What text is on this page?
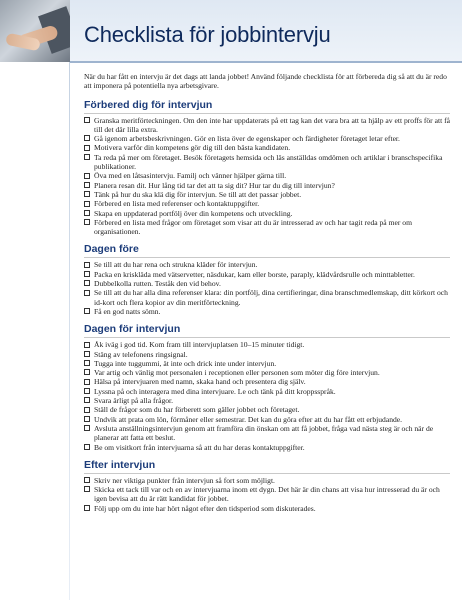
Checklista för jobbintervju

När du har fått en intervju är det dags att landa jobbet! Använd följande checklista för att förbereda dig så att du är redo att imponera på potentiella nya arbetsgivare.

Förbered dig för intervjun
Granska meritförteckningen. Om den inte har uppdaterats på ett tag kan det vara bra att ta hjälp av ett proffs för att få till det där lilla extra.
Gå igenom arbetsbeskrivningen. Gör en lista över de egenskaper och färdigheter företaget letar efter.
Motivera varför din kompetens gör dig till den bästa kandidaten.
Ta reda på mer om företaget. Besök företagets hemsida och läs anställdas omdömen och artiklar i branschspecifika publikationer.
Öva med en låtsasintervju. Familj och vänner hjälper gärna till.
Planera resan dit. Hur lång tid tar det att ta sig dit? Hur tar du dig till intervjun?
Tänk på hur du ska klä dig för intervjun. Se till att det passar jobbet.
Förbered en lista med referenser och kontaktuppgifter.
Skapa en uppdaterad portfölj över din kompetens och utveckling.
Förbered en lista med frågor om företaget som visar att du är intresserad av och har tagit reda på mer om organisationen.
Dagen före
Se till att du har rena och strukna kläder för intervjun.
Packa en kriskläda med vätservetter, näsdukar, kam eller borste, paraply, klädvårdsrulle och minttabletter.
Dubbelkolla rutten. Teståk den vid behov.
Se till att du har alla dina referenser klara: din portfölj, dina certifieringar, dina branschmedlemskap, ditt körkort och id-kort och flera kopior av din meritförteckning.
Få en god natts sömn.
Dagen för intervjun
Åk iväg i god tid. Kom fram till intervjuplatsen 10–15 minuter tidigt.
Stäng av telefonens ringsignal.
Tugga inte tuggummi, ät inte och drick inte under intervjun.
Var artig och vänlig mot personalen i receptionen eller personen som möter dig före intervjun.
Hälsa på intervjuaren med namn, skaka hand och presentera dig själv.
Lyssna på och interagera med dina intervjuare. Le och tänk på ditt kroppsspråk.
Svara ärligt på alla frågor.
Ställ de frågor som du har förberett som gäller jobbet och företaget.
Undvik att prata om lön, förmåner eller semestrar. Det kan du göra efter att du har fått ett erbjudande.
Avsluta anställningsintervjun genom att framföra din önskan om att få jobbet, fråga vad nästa steg är och när de planerar att fatta ett beslut.
Be om visitkort från intervjuarna så att du har deras kontaktuppgifter.
Efter intervjun
Skriv ner viktiga punkter från intervjun så fort som möjligt.
Skicka ett tack till var och en av intervjuarna inom ett dygn. Det här är din chans att visa hur intresserad du är och igen bevisa att du är rätt kandidat för jobbet.
Följ upp om du inte har hört något efter den tidsperiod som diskuterades.
